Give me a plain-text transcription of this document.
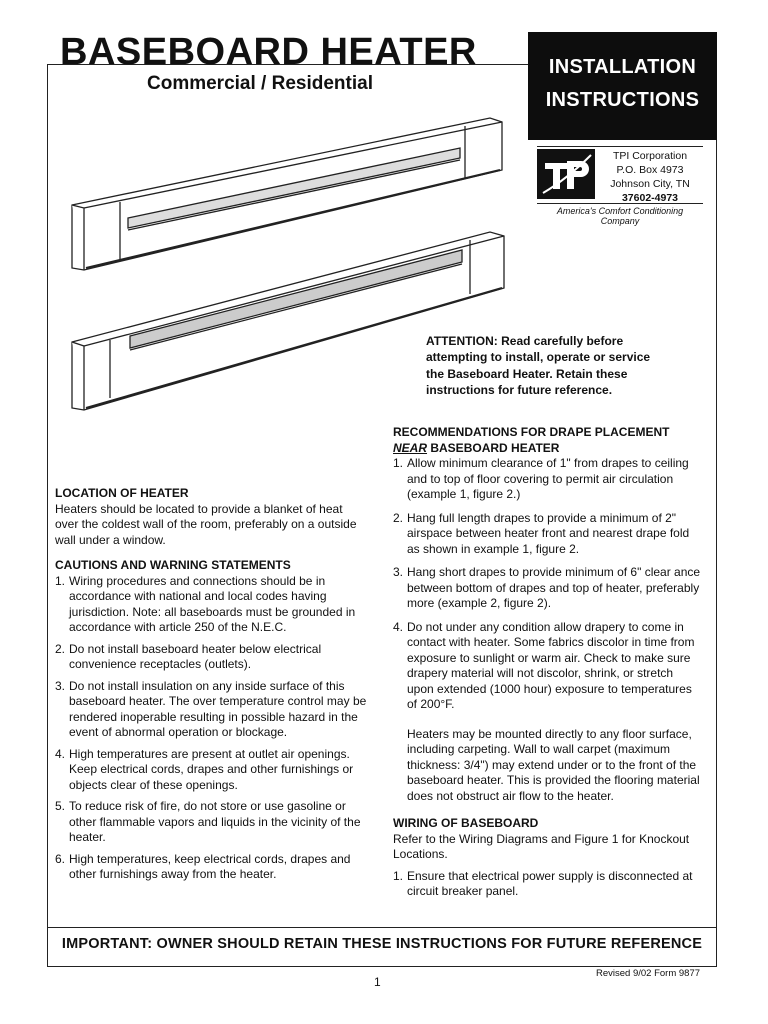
BASEBOARD HEATER
Commercial / Residential
INSTALLATION
INSTRUCTIONS
TPI Corporation
P.O. Box 4973
Johnson City, TN
37602-4973
America's Comfort Conditioning Company
ATTENTION: Read carefully before attempting to install, operate or service the Baseboard Heater. Retain these instructions for future reference.
LOCATION OF HEATER
Heaters should be located to provide a blanket of heat over the coldest wall of the room, preferably on a outside wall under a window.
CAUTIONS AND WARNING STATEMENTS
1. Wiring procedures and connections should be in accordance with national and local codes having jurisdiction. Note: all baseboards must be grounded in accordance with article 250 of the N.E.C.
2. Do not install baseboard heater below electrical convenience receptacles (outlets).
3. Do not install insulation on any inside surface of this baseboard heater. The over temperature control may be rendered inoperable resulting in possible hazard in the event of abnormal operation or blockage.
4. High temperatures are present at outlet air openings. Keep electrical cords, drapes and other furnishings or objects clear of these openings.
5. To reduce risk of fire, do not store or use gasoline or other flammable vapors and liquids in the vicinity of the heater.
6. High temperatures, keep electrical cords, drapes and other furnishings away from the heater.
RECOMMENDATIONS FOR DRAPE PLACEMENT
NEAR BASEBOARD HEATER
1. Allow minimum clearance of 1" from drapes to ceiling and to top of floor covering to permit air circulation (example 1, figure 2.)
2. Hang full length drapes to provide a minimum of 2" airspace between heater front and nearest drape fold as shown in example 1, figure 2.
3. Hang short drapes to provide minimum of 6" clear ance between bottom of drapes and top of heater, preferably more (example 2, figure 2).
4. Do not under any condition allow drapery to come in contact with heater. Some fabrics discolor in time from exposure to sunlight or warm air. Check to make sure drapery material will not discolor, shrink, or stretch upon extended (1000 hour) exposure to temperatures of 200°F.
Heaters may be mounted directly to any floor surface, including carpeting. Wall to wall carpet (maximum thickness: 3/4") may extend under or to the front of the baseboard heater. This is provided the flooring material does not obstruct air flow to the heater.
WIRING OF BASEBOARD
Refer to the Wiring Diagrams and Figure 1 for Knockout Locations.
1. Ensure that electrical power supply is disconnected at circuit breaker panel.
IMPORTANT: OWNER SHOULD RETAIN THESE INSTRUCTIONS FOR FUTURE REFERENCE
1
Revised 9/02 Form 9877
